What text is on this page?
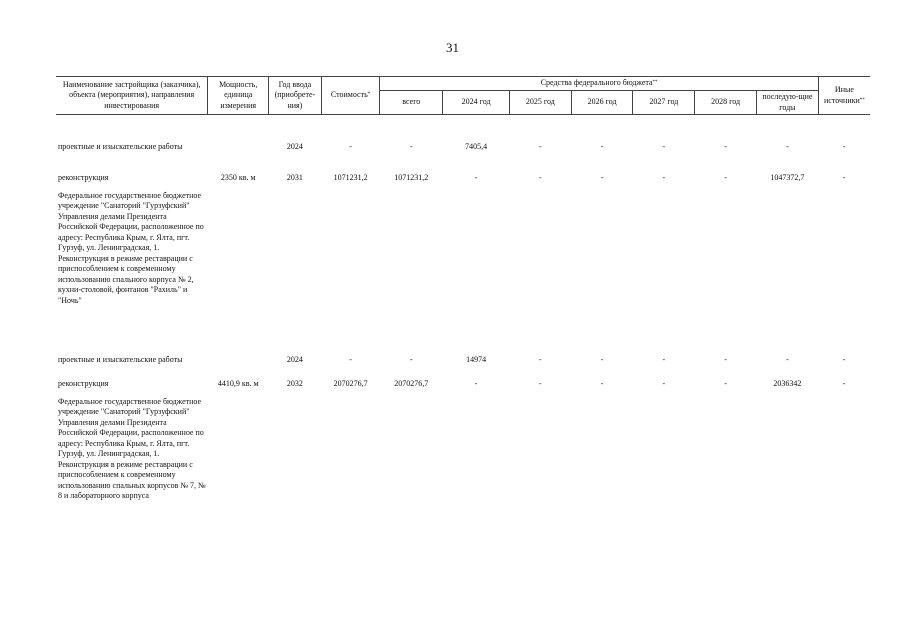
31
Наименование застройщика (заказчика), объекта (мероприятия), направления инвестирования	Мощность, единица измерения	Год ввода (приобрете-ния)	Стоимость*	Средства федерального бюджета**							Иные источники**
				всего	2024 год	2025 год	2026 год	2027 год	2028 год	последую-щие годы	

проектные и изыскательские работы		2024	-	-	7405,4	-	-	-	-	-	-

реконструкция	2350 кв. м	2031	1071231,2	1071231,2	-	-	-	-	-	1047372,7	-
Федеральное государственное бюджетное учреждение "Санаторий "Гурзуфский" Управления делами Президента Российской Федерации, расположенное по адресу: Республика Крым, г. Ялта, пгт. Гурзуф, ул. Ленинградская, 1. Реконструкция в режиме реставрации с приспособлением к современному использованию спального корпуса № 2, кухни-столовой, фонтанов "Рахиль" и "Ночь"											
проектные и изыскательские работы		2024	-	-	14974	-	-	-	-	-	-
реконструкция	4410,9 кв. м	2032	2070276,7	2070276,7	-	-	-	-	-	2036342	-
Федеральное государственное бюджетное учреждение "Санаторий "Гурзуфский" Управления делами Президента Российской Федерации, расположенное по адресу: Республика Крым, г. Ялта, пгт. Гурзуф, ул. Ленинградская, 1. Реконструкция в режиме реставрации с приспособлением к современному использованию спальных корпусов № 7, № 8 и лабораторного корпуса											
